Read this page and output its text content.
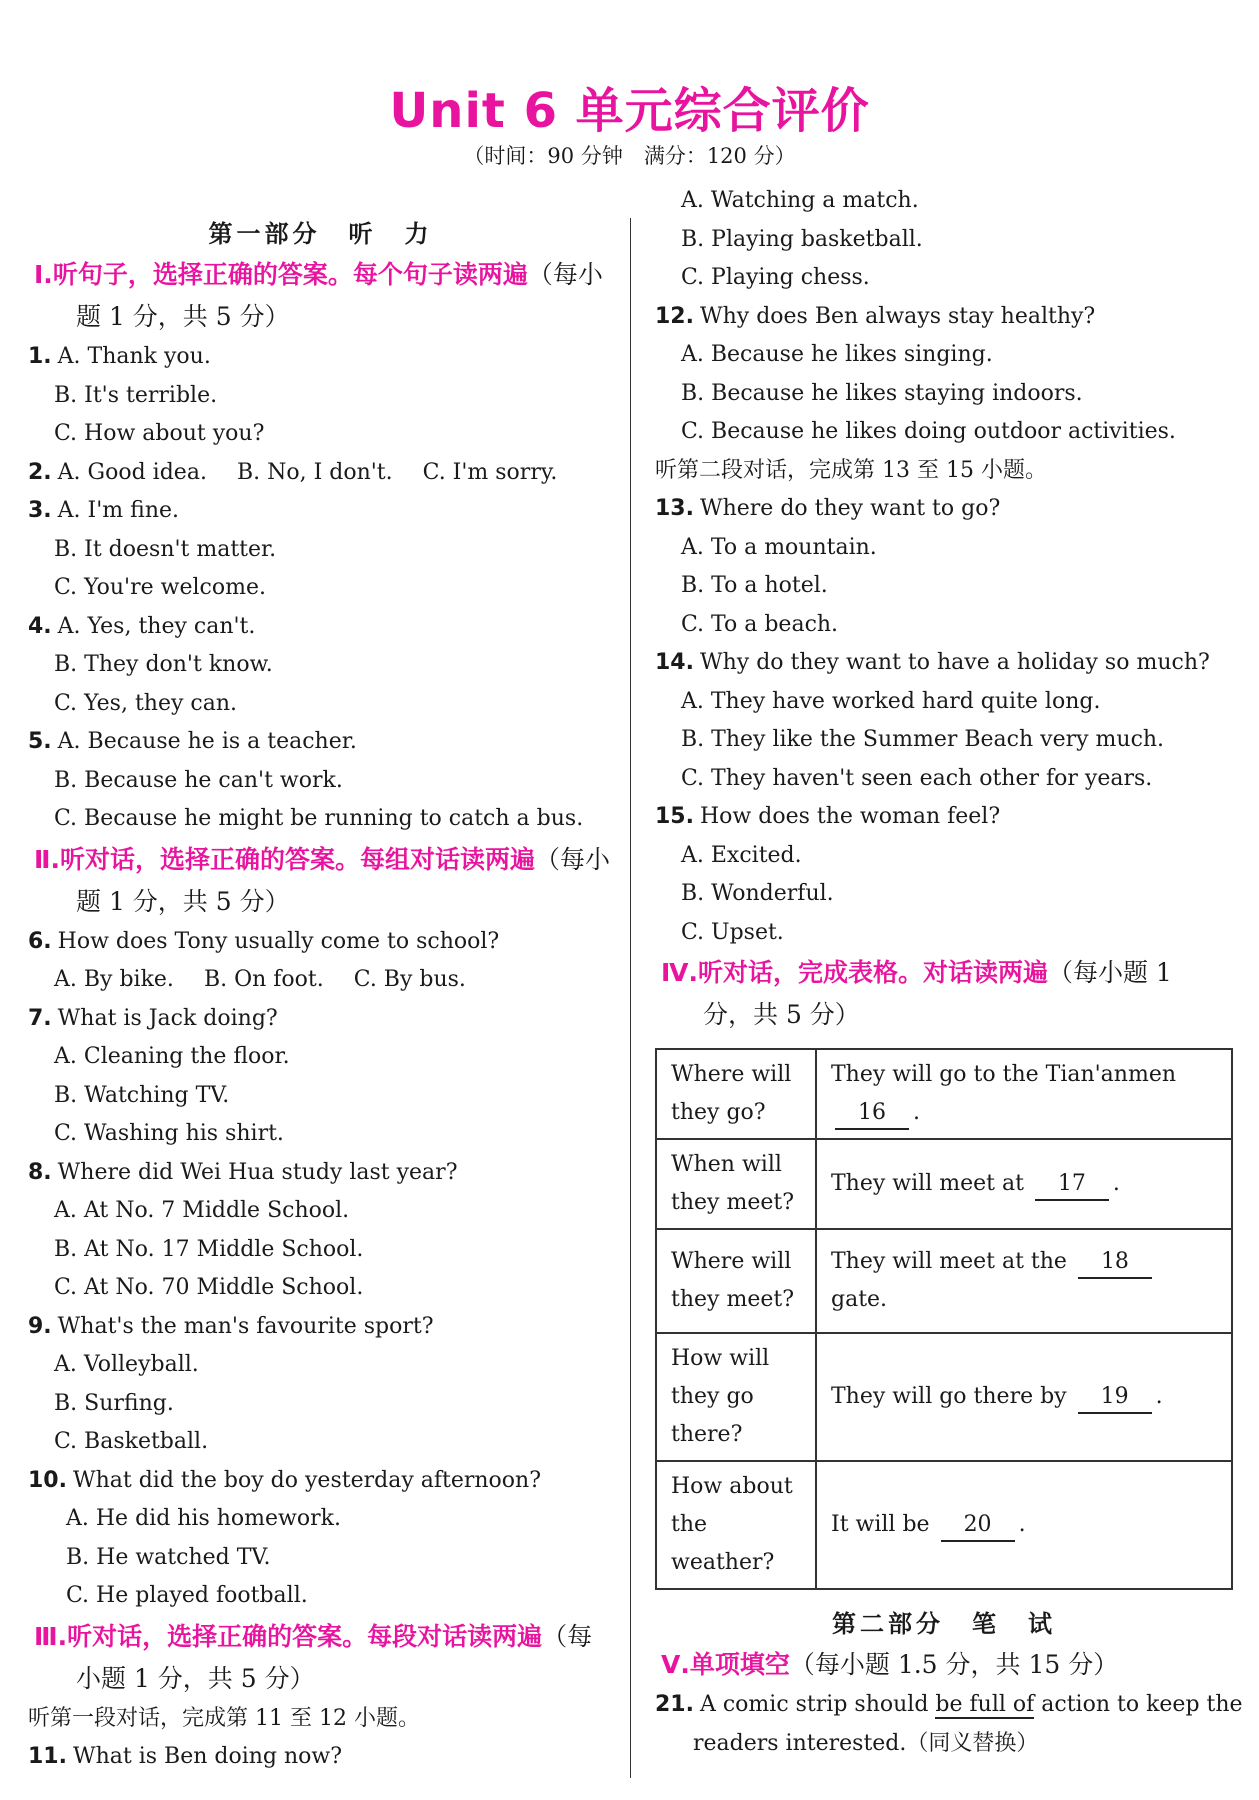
Unit 6 单元综合评价
（时间：90 分钟　满分：120 分）
第一部分　听　力
Ⅰ.听句子，选择正确的答案。每个句子读两遍（每小题 1 分，共 5 分）
1. A. Thank you.
B. It's terrible.
C. How about you?
2. A. Good idea. B. No, I don't. C. I'm sorry.
3. A. I'm fine.
B. It doesn't matter.
C. You're welcome.
4. A. Yes, they can't.
B. They don't know.
C. Yes, they can.
5. A. Because he is a teacher.
B. Because he can't work.
C. Because he might be running to catch a bus.
Ⅱ.听对话，选择正确的答案。每组对话读两遍（每小题 1 分，共 5 分）
6. How does Tony usually come to school?
A. By bike. B. On foot. C. By bus.
7. What is Jack doing?
A. Cleaning the floor.
B. Watching TV.
C. Washing his shirt.
8. Where did Wei Hua study last year?
A. At No. 7 Middle School.
B. At No. 17 Middle School.
C. At No. 70 Middle School.
9. What's the man's favourite sport?
A. Volleyball.
B. Surfing.
C. Basketball.
10. What did the boy do yesterday afternoon?
A. He did his homework.
B. He watched TV.
C. He played football.
Ⅲ.听对话，选择正确的答案。每段对话读两遍（每小题 1 分，共 5 分）
听第一段对话，完成第 11 至 12 小题。
11. What is Ben doing now?
A. Watching a match.
B. Playing basketball.
C. Playing chess.
12. Why does Ben always stay healthy?
A. Because he likes singing.
B. Because he likes staying indoors.
C. Because he likes doing outdoor activities.
听第二段对话，完成第 13 至 15 小题。
13. Where do they want to go?
A. To a mountain.
B. To a hotel.
C. To a beach.
14. Why do they want to have a holiday so much?
A. They have worked hard quite long.
B. They like the Summer Beach very much.
C. They haven't seen each other for years.
15. How does the woman feel?
A. Excited.
B. Wonderful.
C. Upset.
Ⅳ.听对话，完成表格。对话读两遍（每小题 1
分，共 5 分）
Where will they go?	They will go to the Tian'anmen
16 .
When will they meet?	They will meet at 17 .
Where will they meet?	They will meet at the 18 gate.
How will they go there?	They will go there by 19 .
How about the weather?	It will be 20 .
第二部分　笔　试
Ⅴ.单项填空（每小题 1.5 分，共 15 分）
21. A comic strip should be full of action to keep the
readers interested.（同义替换）
